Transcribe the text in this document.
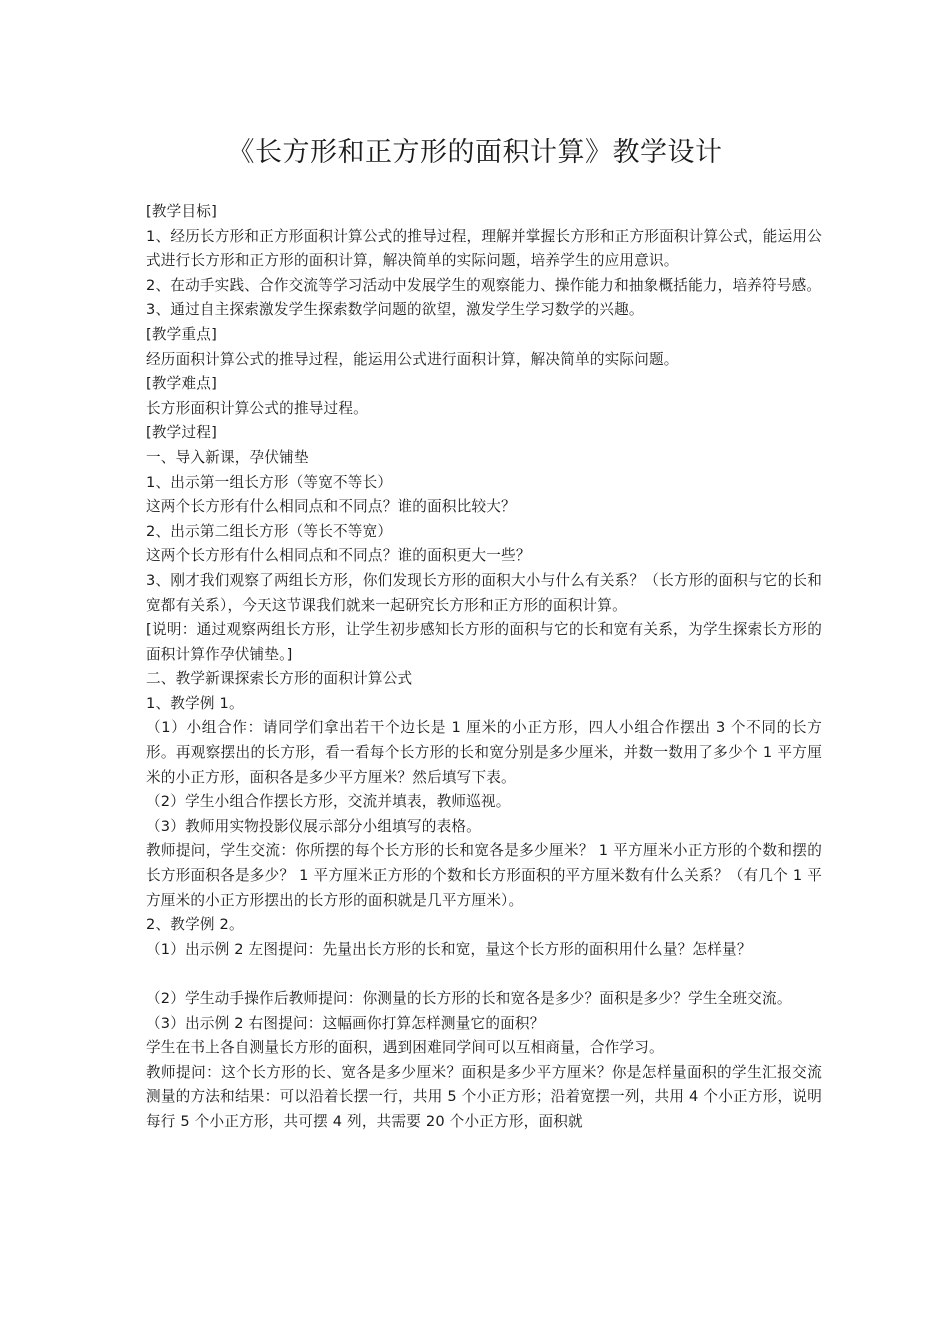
《长方形和正方形的面积计算》教学设计

[教学目标]

1、经历长方形和正方形面积计算公式的推导过程，理解并掌握长方形和正方形面积计算公式，能运用公式进行长方形和正方形的面积计算，解决简单的实际问题，培养学生的应用意识。

2、在动手实践、合作交流等学习活动中发展学生的观察能力、操作能力和抽象概括能力，培养符号感。

3、通过自主探索激发学生探索数学问题的欲望，激发学生学习数学的兴趣。

[教学重点]

经历面积计算公式的推导过程，能运用公式进行面积计算，解决简单的实际问题。

[教学难点]

长方形面积计算公式的推导过程。

[教学过程]

一、导入新课，孕伏铺垫

1、出示第一组长方形（等宽不等长）

这两个长方形有什么相同点和不同点？谁的面积比较大？

2、出示第二组长方形（等长不等宽）

这两个长方形有什么相同点和不同点？谁的面积更大一些？

3、刚才我们观察了两组长方形，你们发现长方形的面积大小与什么有关系？（长方形的面积与它的长和宽都有关系），今天这节课我们就来一起研究长方形和正方形的面积计算。

[说明：通过观察两组长方形，让学生初步感知长方形的面积与它的长和宽有关系，为学生探索长方形的面积计算作孕伏铺垫。]

二、教学新课探索长方形的面积计算公式

1、教学例 1。

（1）小组合作：请同学们拿出若干个边长是 1 厘米的小正方形，四人小组合作摆出 3 个不同的长方形。再观察摆出的长方形，看一看每个长方形的长和宽分别是多少厘米，并数一数用了多少个 1 平方厘米的小正方形，面积各是多少平方厘米？然后填写下表。

（2）学生小组合作摆长方形，交流并填表，教师巡视。

（3）教师用实物投影仪展示部分小组填写的表格。

教师提问，学生交流：你所摆的每个长方形的长和宽各是多少厘米？ 1 平方厘米小正方形的个数和摆的长方形面积各是多少？ 1 平方厘米正方形的个数和长方形面积的平方厘米数有什么关系？（有几个 1 平方厘米的小正方形摆出的长方形的面积就是几平方厘米）。

2、教学例 2。

（1）出示例 2 左图提问：先量出长方形的长和宽，量这个长方形的面积用什么量？怎样量？

（2）学生动手操作后教师提问：你测量的长方形的长和宽各是多少？面积是多少？学生全班交流。

（3）出示例 2 右图提问：这幅画你打算怎样测量它的面积？

学生在书上各自测量长方形的面积，遇到困难同学间可以互相商量，合作学习。

教师提问：这个长方形的长、宽各是多少厘米？面积是多少平方厘米？你是怎样量面积的学生汇报交流测量的方法和结果：可以沿着长摆一行，共用 5 个小正方形；沿着宽摆一列，共用 4 个小正方形，说明每行 5 个小正方形，共可摆 4 列，共需要 20 个小正方形，面积就
